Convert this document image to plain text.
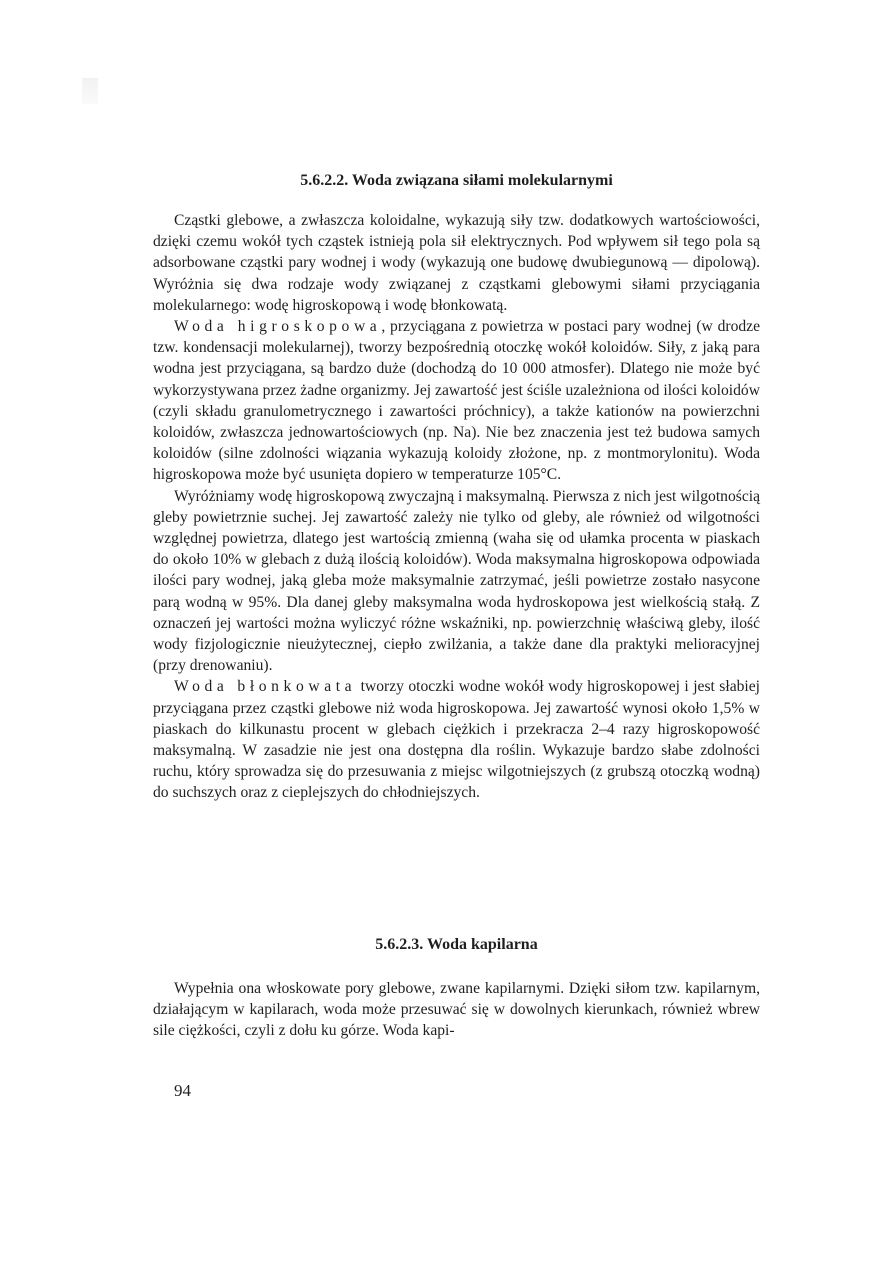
5.6.2.2. Woda związana siłami molekularnymi

Cząstki glebowe, a zwłaszcza koloidalne, wykazują siły tzw. dodatkowych wartościowości, dzięki czemu wokół tych cząstek istnieją pola sił elektrycznych. Pod wpływem sił tego pola są adsorbowane cząstki pary wodnej i wody (wykazują one budowę dwubiegunową — dipolową). Wyróżnia się dwa rodzaje wody związanej z cząstkami glebowymi siłami przyciągania molekularnego: wodę higroskopową i wodę błonkowatą.

Woda higroskopowa, przyciągana z powietrza w postaci pary wodnej (w drodze tzw. kondensacji molekularnej), tworzy bezpośrednią otoczkę wokół koloidów. Siły, z jaką para wodna jest przyciągana, są bardzo duże (dochodzą do 10 000 atmosfer). Dlatego nie może być wykorzystywana przez żadne organizmy. Jej zawartość jest ściśle uzależniona od ilości koloidów (czyli składu granulometrycznego i zawartości próchnicy), a także kationów na powierzchni koloidów, zwłaszcza jednowartościowych (np. Na). Nie bez znaczenia jest też budowa samych koloidów (silne zdolności wiązania wykazują koloidy złożone, np. z montmorylonitu). Woda higroskopowa może być usunięta dopiero w temperaturze 105°C.

Wyróżniamy wodę higroskopową zwyczajną i maksymalną. Pierwsza z nich jest wilgotnością gleby powietrznie suchej. Jej zawartość zależy nie tylko od gleby, ale również od wilgotności względnej powietrza, dlatego jest wartością zmienną (waha się od ułamka procenta w piaskach do około 10% w glebach z dużą ilością koloidów). Woda maksymalna higroskopowa odpowiada ilości pary wodnej, jaką gleba może maksymalnie zatrzymać, jeśli powietrze zostało nasycone parą wodną w 95%. Dla danej gleby maksymalna woda hydroskopowa jest wielkością stałą. Z oznaczeń jej wartości można wyliczyć różne wskaźniki, np. powierzchnię właściwą gleby, ilość wody fizjologicznie nieużytecznej, ciepło zwilżania, a także dane dla praktyki melioracyjnej (przy drenowaniu).

Woda błonkowata tworzy otoczki wodne wokół wody higroskopowej i jest słabiej przyciągana przez cząstki glebowe niż woda higroskopowa. Jej zawartość wynosi około 1,5% w piaskach do kilkunastu procent w glebach ciężkich i przekracza 2–4 razy higroskopowość maksymalną. W zasadzie nie jest ona dostępna dla roślin. Wykazuje bardzo słabe zdolności ruchu, który sprowadza się do przesuwania z miejsc wilgotniejszych (z grubszą otoczką wodną) do suchszych oraz z cieplejszych do chłodniejszych.

5.6.2.3. Woda kapilarna

Wypełnia ona włoskowate pory glebowe, zwane kapilarnymi. Dzięki siłom tzw. kapilarnym, działającym w kapilarach, woda może przesuwać się w dowolnych kierunkach, również wbrew sile ciężkości, czyli z dołu ku górze. Woda kapi-

94
